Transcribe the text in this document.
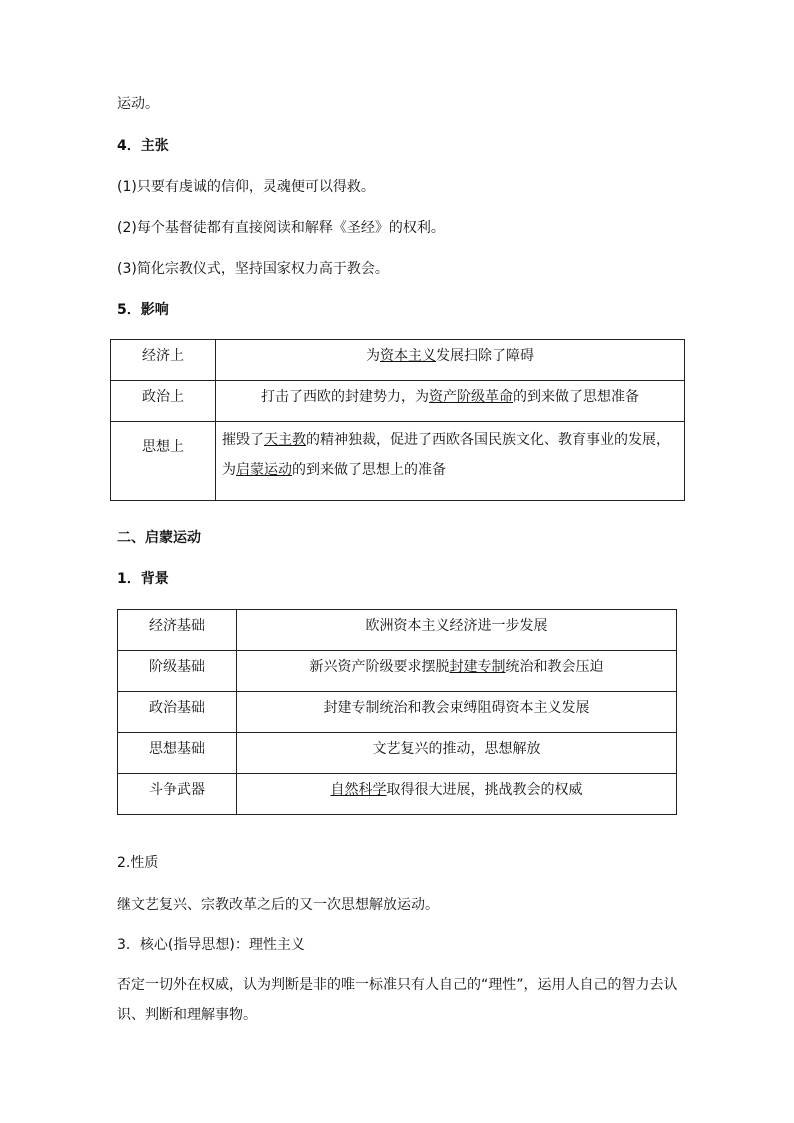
运动。
4．主张
(1)只要有虔诚的信仰，灵魂便可以得救。
(2)每个基督徒都有直接阅读和解释《圣经》的权利。
(3)简化宗教仪式，坚持国家权力高于教会。
5．影响
经济上	为资本主义发展扫除了障碍
政治上	打击了西欧的封建势力，为资产阶级革命的到来做了思想准备
思想上	摧毁了天主教的精神独裁，促进了西欧各国民族文化、教育事业的发展，为启蒙运动的到来做了思想上的准备
二、启蒙运动
1．背景
经济基础	欧洲资本主义经济进一步发展
阶级基础	新兴资产阶级要求摆脱封建专制统治和教会压迫
政治基础	封建专制统治和教会束缚阻碍资本主义发展
思想基础	文艺复兴的推动，思想解放
斗争武器	自然科学取得很大进展，挑战教会的权威
2.性质
继文艺复兴、宗教改革之后的又一次思想解放运动。
3．核心(指导思想)：理性主义
否定一切外在权威，认为判断是非的唯一标准只有人自己的“理性”，运用人自己的智力去认识、判断和理解事物。
